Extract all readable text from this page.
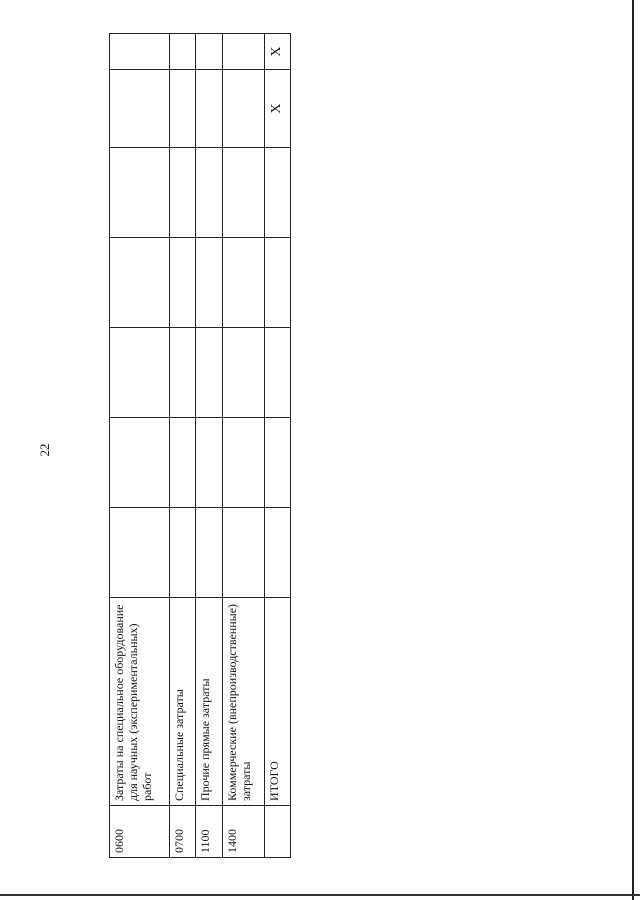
22
0600	Затраты на специальное оборудование для научных (экспериментальных) работ							
0700	Специальные затраты							
1100	Прочие прямые затраты							
1400	Коммерческие (внепроизводственные) затраты							
	ИТОГО						X	X
